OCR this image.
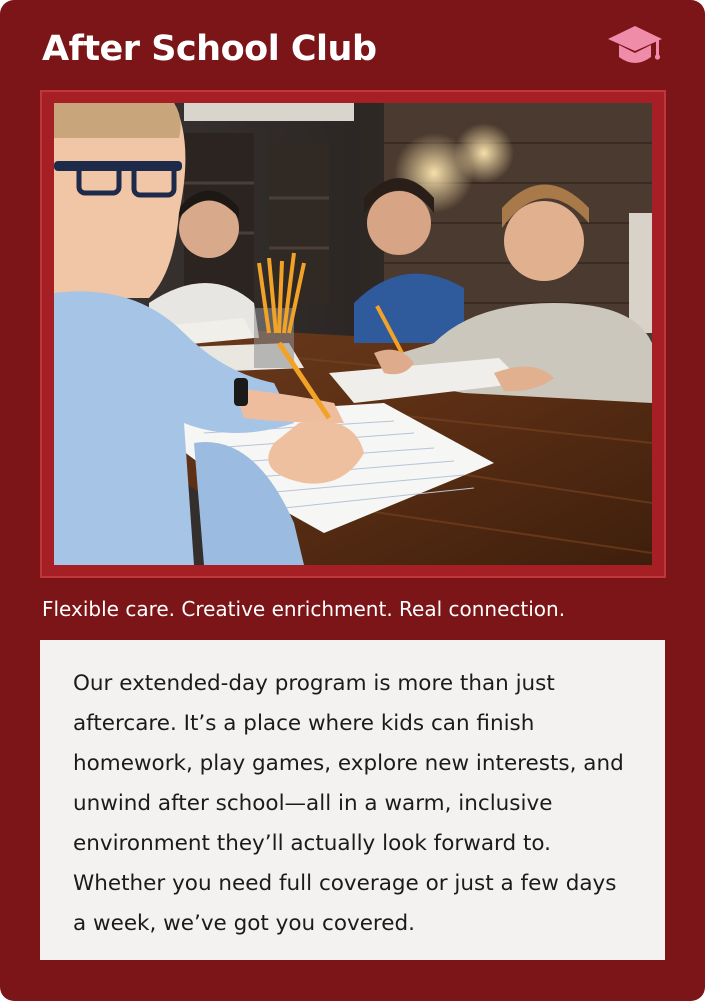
After School Club

Flexible care. Creative enrichment. Real connection.

Our extended-day program is more than just aftercare. It’s a place where kids can finish homework, play games, explore new interests, and unwind after school—all in a warm, inclusive environment they’ll actually look forward to. Whether you need full coverage or just a few days a week, we’ve got you covered.
